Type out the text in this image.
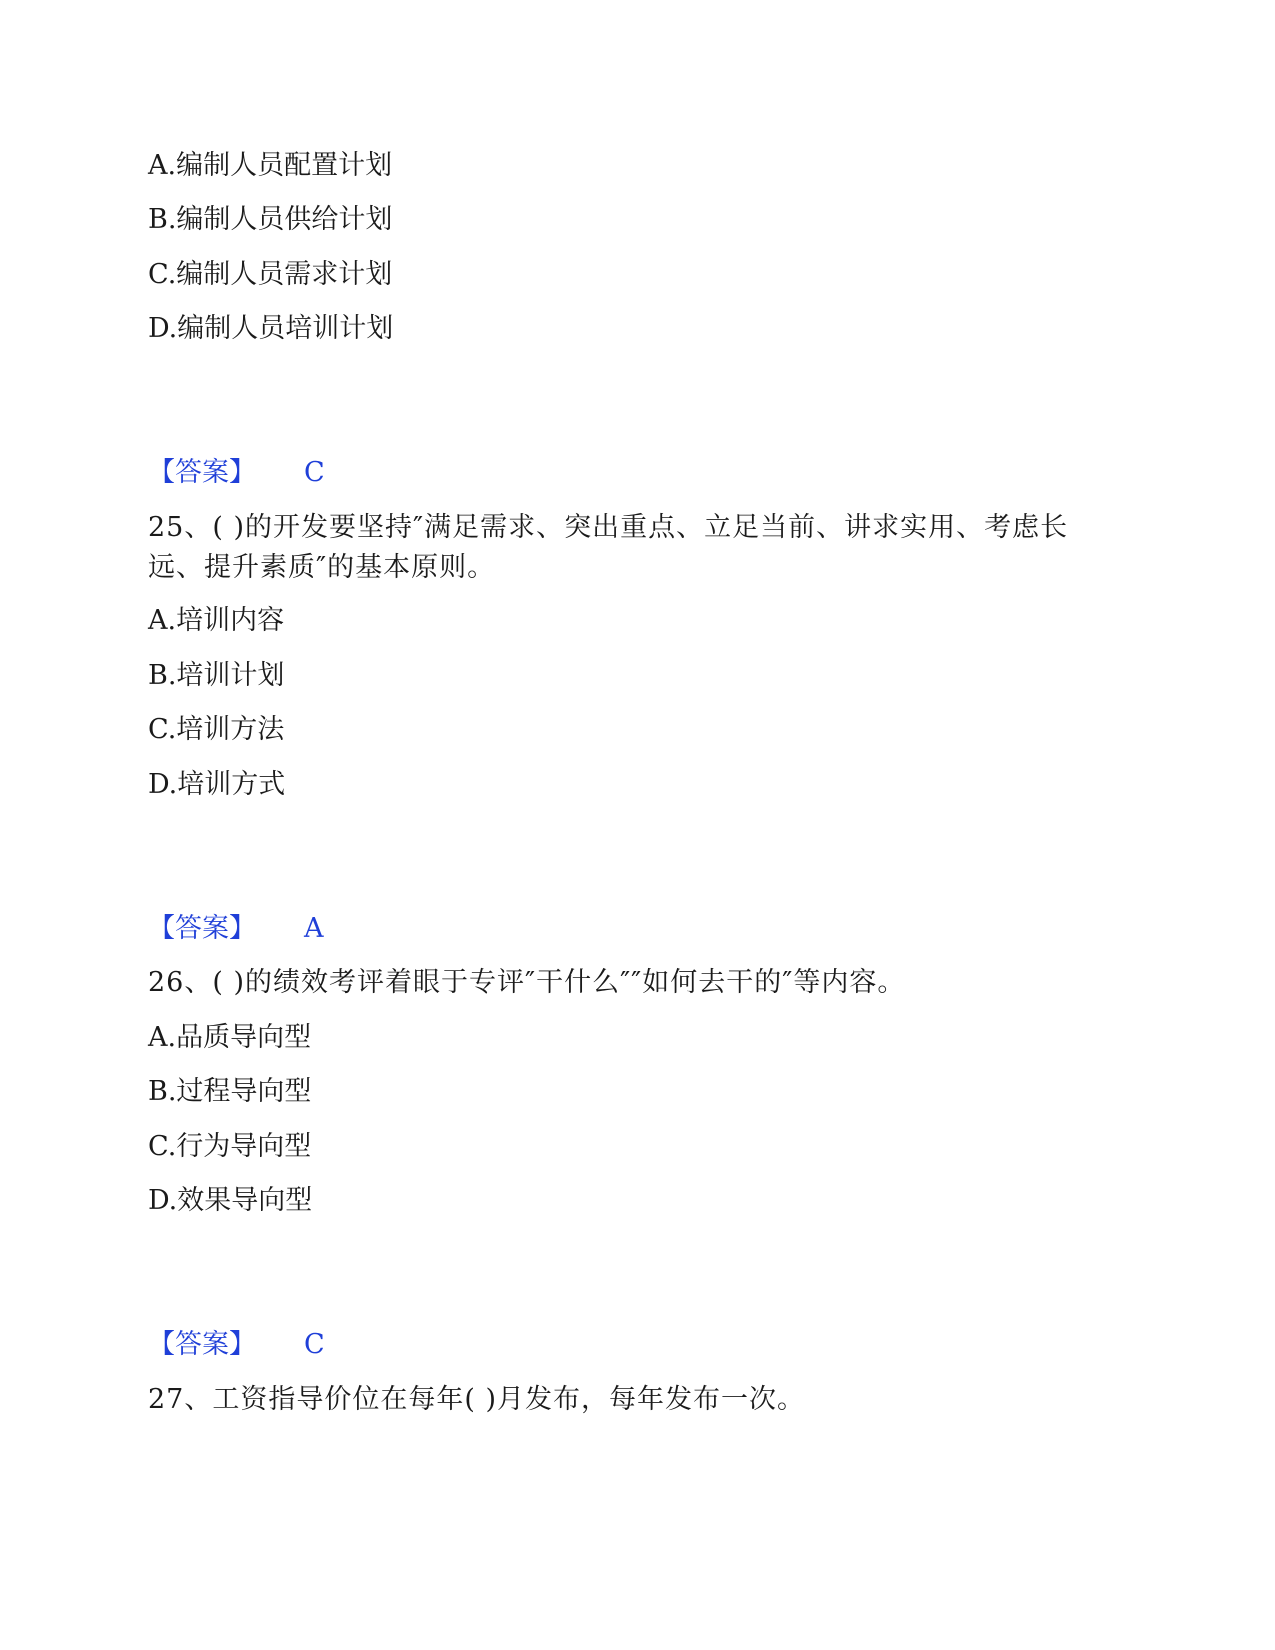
A.编制人员配置计划
B.编制人员供给计划
C.编制人员需求计划
D.编制人员培训计划
【答案】 C
25、( )的开发要坚持″满足需求、突出重点、立足当前、讲求实用、考虑长远、提升素质″的基本原则。
A.培训内容
B.培训计划
C.培训方法
D.培训方式
【答案】 A
26、( )的绩效考评着眼于专评″干什么″″如何去干的″等内容。
A.品质导向型
B.过程导向型
C.行为导向型
D.效果导向型
【答案】 C
27、工资指导价位在每年( )月发布，每年发布一次。
